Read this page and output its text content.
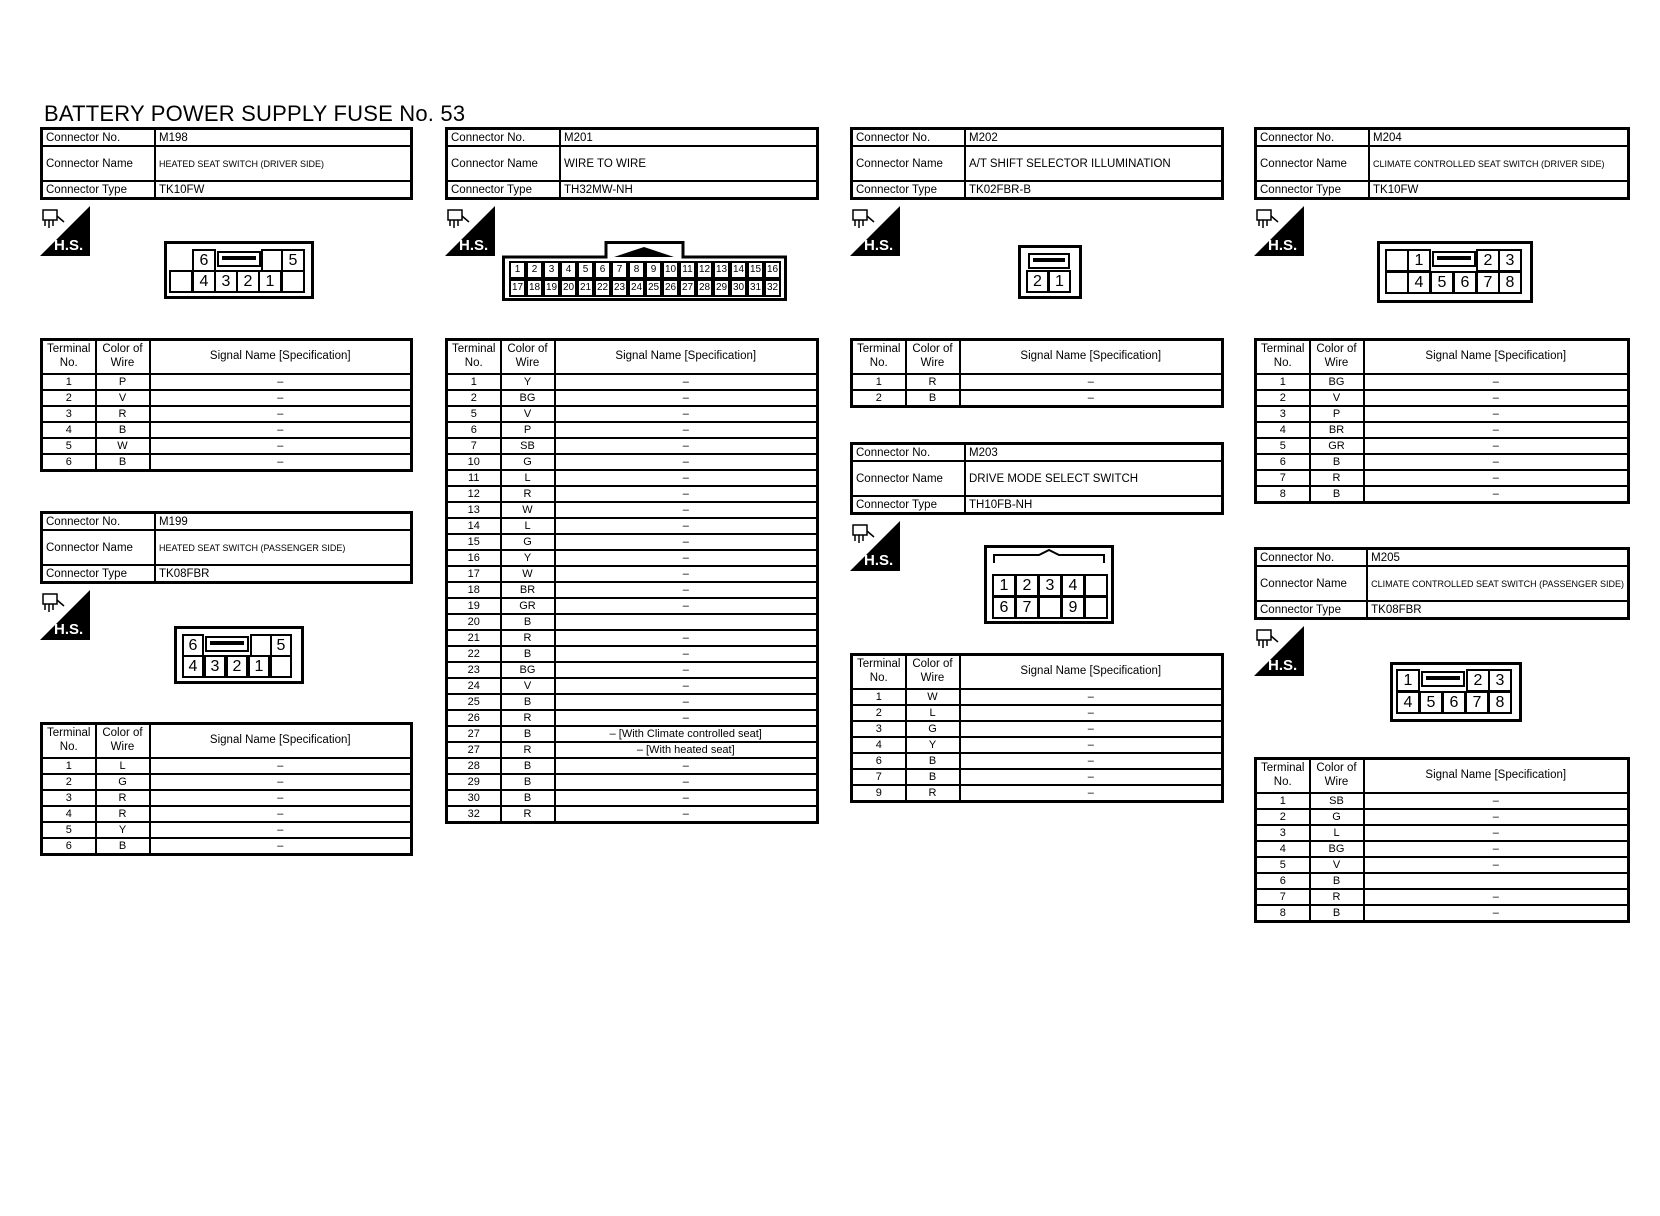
BATTERY POWER SUPPLY FUSE No. 53
Connector No.	M198
Connector Name	HEATED SEAT SWITCH (DRIVER SIDE)
Connector Type	TK10FW
H.S.
6	5
4 3 2 1
Terminal No.	Color of Wire	Signal Name [Specification]
1	P	–
2	V	–
3	R	–
4	B	–
5	W	–
6	B	–
Connector No.	M199
Connector Name	HEATED SEAT SWITCH (PASSENGER SIDE)
Connector Type	TK08FBR
H.S.
6	5
4 3 2 1
Terminal No.	Color of Wire	Signal Name [Specification]
1	L	–
2	G	–
3	R	–
4	R	–
5	Y	–
6	B	–
Connector No.	M201
Connector Name	WIRE TO WIRE
Connector Type	TH32MW-NH
H.S.
1	2	3	4	5	6	7	8	9 10 11 12 13 14 15 16
17 18 19 20 21 22 23 24 25 26 27 28 29 30 31 32
Terminal No.	Color of Wire	Signal Name [Specification]
1	Y	–
2	BG	–
5	V	–
6	P	–
7	SB	–
10	G	–
11	L	–
12	R	–
13	W	–
14	L	–
15	G	–
16	Y	–
17	W	–
18	BR	–
19	GR	–
20	B	
21	R	–
22	B	–
23	BG	–
24	V	–
25	B	–
26	R	–
27	B	– [With Climate controlled seat]
27	R	– [With heated seat]
28	B	–
29	B	–
30	B	–
32	R	–
Connector No.	M202
Connector Name	A/T SHIFT SELECTOR ILLUMINATION
Connector Type	TK02FBR-B
H.S.
2 1
Terminal No.	Color of Wire	Signal Name [Specification]
1	R	–
2	B	–
Connector No.	M203
Connector Name	DRIVE MODE SELECT SWITCH
Connector Type	TH10FB-NH
H.S.
1 2 3 4
6 7	9
Terminal No.	Color of Wire	Signal Name [Specification]
1	W	–
2	L	–
3	G	–
4	Y	–
6	B	–
7	B	–
9	R	–
Connector No.	M204
Connector Name	CLIMATE CONTROLLED SEAT SWITCH (DRIVER SIDE)
Connector Type	TK10FW
H.S.
1	2 3
4 5 6 7 8
Terminal No.	Color of Wire	Signal Name [Specification]
1	BG	–
2	V	–
3	P	–
4	BR	–
5	GR	–
6	B	–
7	R	–
8	B	–
Connector No.	M205
Connector Name	CLIMATE CONTROLLED SEAT SWITCH (PASSENGER SIDE)
Connector Type	TK08FBR
H.S.
1	2 3
4 5 6 7 8
Terminal No.	Color of Wire	Signal Name [Specification]
1	SB	–
2	G	–
3	L	–
4	BG	–
5	V	–
6	B	
7	R	–
8	B	–
